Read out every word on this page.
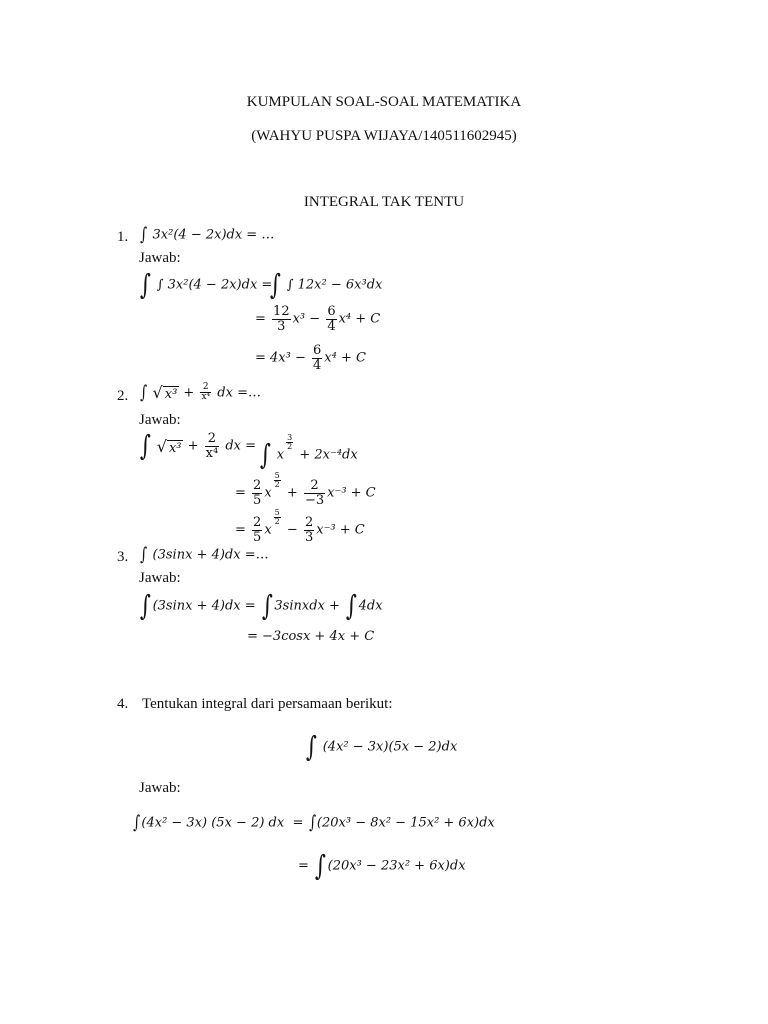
KUMPULAN SOAL-SOAL MATEMATIKA
(WAHYU PUSPA WIJAYA/140511602945)
INTEGRAL TAK TENTU
1. ∫ 3x²(4 − 2x)dx = …
Jawab:
∫ ∫ 3x²(4 − 2x)dx =
∫ ∫ 12x² − 6x³dx
= $\frac{12}{3} x^3 - \frac{6}{4} x^4 + C$
= $4x^3 - \frac{6}{4} x^4 + C$
2. ∫ √ $x^3 + \frac{2}{\text{x⁴}}$ dx =…
Jawab:
∫ √ $x^3 + \frac{2}{\text{x⁴}}$ dx = ∫ x
$^{\frac{3}{2}}$
+ 2x⁻⁴dx
= $\frac{2}{5}$ x
$^{\frac{5}{2}}$
+ $\frac{2}{-3} x^{-3} + C$
= $\frac{2}{5}$ x
$^{\frac{5}{2}}$
− $\frac{2}{3} x^{-3} + C$
3. ∫ (3sinx + 4)dx =…
Jawab:
∫ (3sinx + 4)dx = ∫ 3sinxdx + ∫ 4dx
= −3cosx + 4x + C
4. Tentukan integral dari persamaan berikut:
∫ (4x² − 3x)(5x − 2)dx
Jawab:
∫(4x² − 3x) (5x − 2) dx = ∫(20x³ − 8x² − 15x² + 6x)dx
= ∫ (20x³ − 23x² + 6x)dx
